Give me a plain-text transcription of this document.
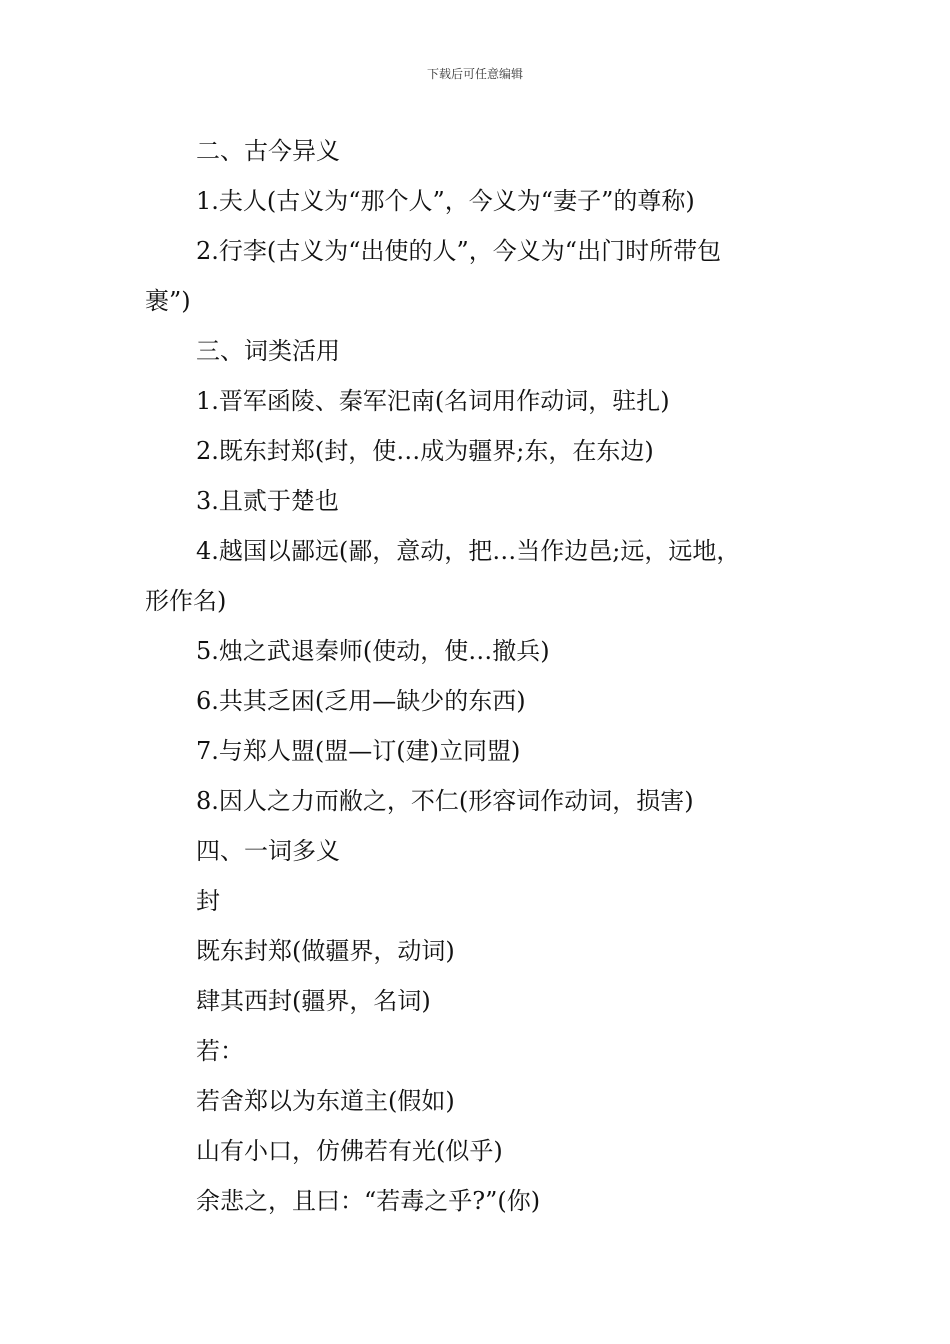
下载后可任意编辑
二、古今异义
1.夫人(古义为“那个人”，今义为“妻子”的尊称)
2.行李(古义为“出使的人”，今义为“出门时所带包
裹”)
三、词类活用
1.晋军函陵、秦军汜南(名词用作动词，驻扎)
2.既东封郑(封，使…成为疆界;东，在东边)
3.且贰于楚也
4.越国以鄙远(鄙，意动，把…当作边邑;远，远地，
形作名)
5.烛之武退秦师(使动，使…撤兵)
6.共其乏困(乏用—缺少的东西)
7.与郑人盟(盟—订(建)立同盟)
8.因人之力而敝之，不仁(形容词作动词，损害)
四、一词多义
封
既东封郑(做疆界，动词)
肆其西封(疆界，名词)
若：
若舍郑以为东道主(假如)
山有小口，仿佛若有光(似乎)
余悲之，且曰：“若毒之乎?”(你)
